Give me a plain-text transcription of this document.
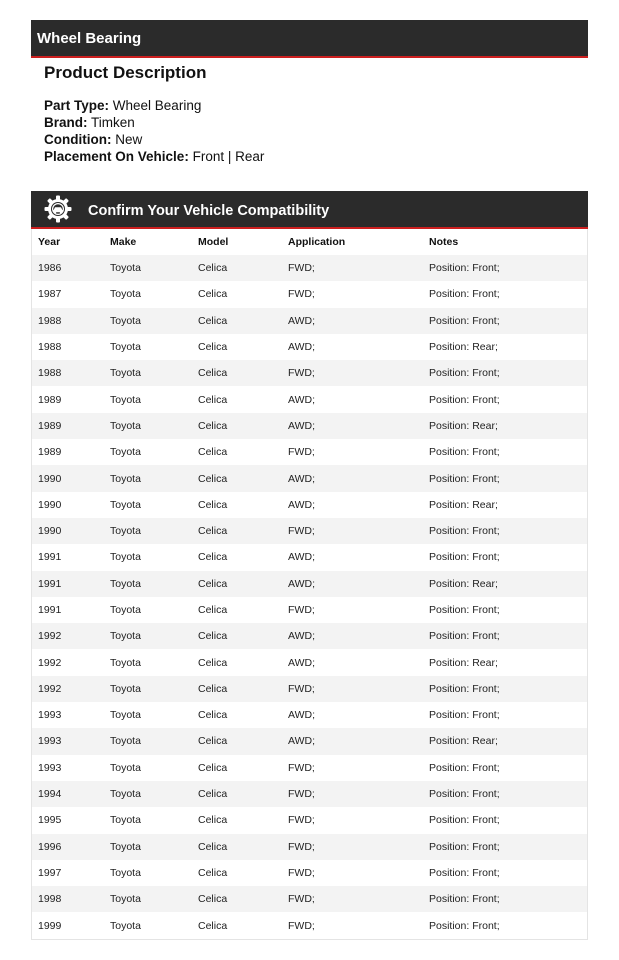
Wheel Bearing
Product Description
Part Type: Wheel Bearing
Brand: Timken
Condition: New
Placement On Vehicle: Front | Rear
Confirm Your Vehicle Compatibility
Year	Make	Model	Application	Notes
1986	Toyota	Celica	FWD;	Position: Front;
1987	Toyota	Celica	FWD;	Position: Front;
1988	Toyota	Celica	AWD;	Position: Front;
1988	Toyota	Celica	AWD;	Position: Rear;
1988	Toyota	Celica	FWD;	Position: Front;
1989	Toyota	Celica	AWD;	Position: Front;
1989	Toyota	Celica	AWD;	Position: Rear;
1989	Toyota	Celica	FWD;	Position: Front;
1990	Toyota	Celica	AWD;	Position: Front;
1990	Toyota	Celica	AWD;	Position: Rear;
1990	Toyota	Celica	FWD;	Position: Front;
1991	Toyota	Celica	AWD;	Position: Front;
1991	Toyota	Celica	AWD;	Position: Rear;
1991	Toyota	Celica	FWD;	Position: Front;
1992	Toyota	Celica	AWD;	Position: Front;
1992	Toyota	Celica	AWD;	Position: Rear;
1992	Toyota	Celica	FWD;	Position: Front;
1993	Toyota	Celica	AWD;	Position: Front;
1993	Toyota	Celica	AWD;	Position: Rear;
1993	Toyota	Celica	FWD;	Position: Front;
1994	Toyota	Celica	FWD;	Position: Front;
1995	Toyota	Celica	FWD;	Position: Front;
1996	Toyota	Celica	FWD;	Position: Front;
1997	Toyota	Celica	FWD;	Position: Front;
1998	Toyota	Celica	FWD;	Position: Front;
1999	Toyota	Celica	FWD;	Position: Front;
